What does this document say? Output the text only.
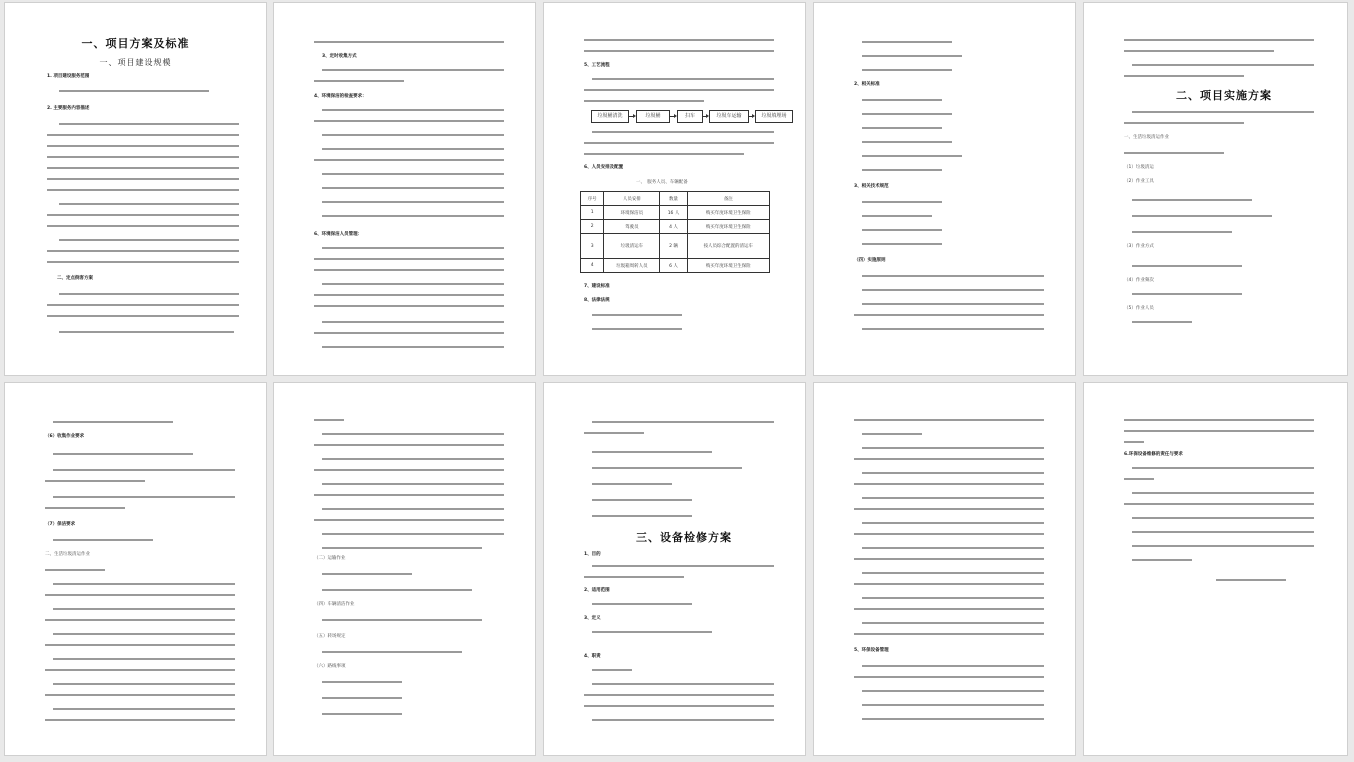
一、项目方案及标准
一、项目建设规模
1. 项目建设服务范围
2. 主要服务内容描述
二、定点倒客方案
3、定时收集方式
4、环境保洁的检查要求：
6、环境保洁人员管理：
5、工艺流程
垃圾桶清洗	垃圾桶	扫车	垃圾车运输	垃圾填埋场
6、人员安排及配置
一、　服务人员、车辆配备
序号	人员安排	数量	备注
1	环境保洁员	16 人	购买年度环境卫生保险
2	驾驶员	4 人	购买年度环境卫生保险
3	垃圾清运车	2 辆	按人员综合配置的清运车
4	垃圾箱周转人员	6 人	购买年度环境卫生保险
7、建设标准
8、法律法规
2、相关标准
3、相关技术规范
（四）实施原则
二、项目实施方案
一、生活垃圾清运作业
（1）垃圾清运
（2）作业工具
（3）作业方式
（4）作业频次
（5）作业人员
（6）收集作业要求
（7）保洁要求
二、生活垃圾清运作业
（二）运输作业
（四）车辆清洁作业
（五）转场规定
（六）路线事项
三、设备检修方案
1、目的
2、适用范围
3、定义
4、职责
5、环保设备管理
6.环保设备维修的责任与要求
